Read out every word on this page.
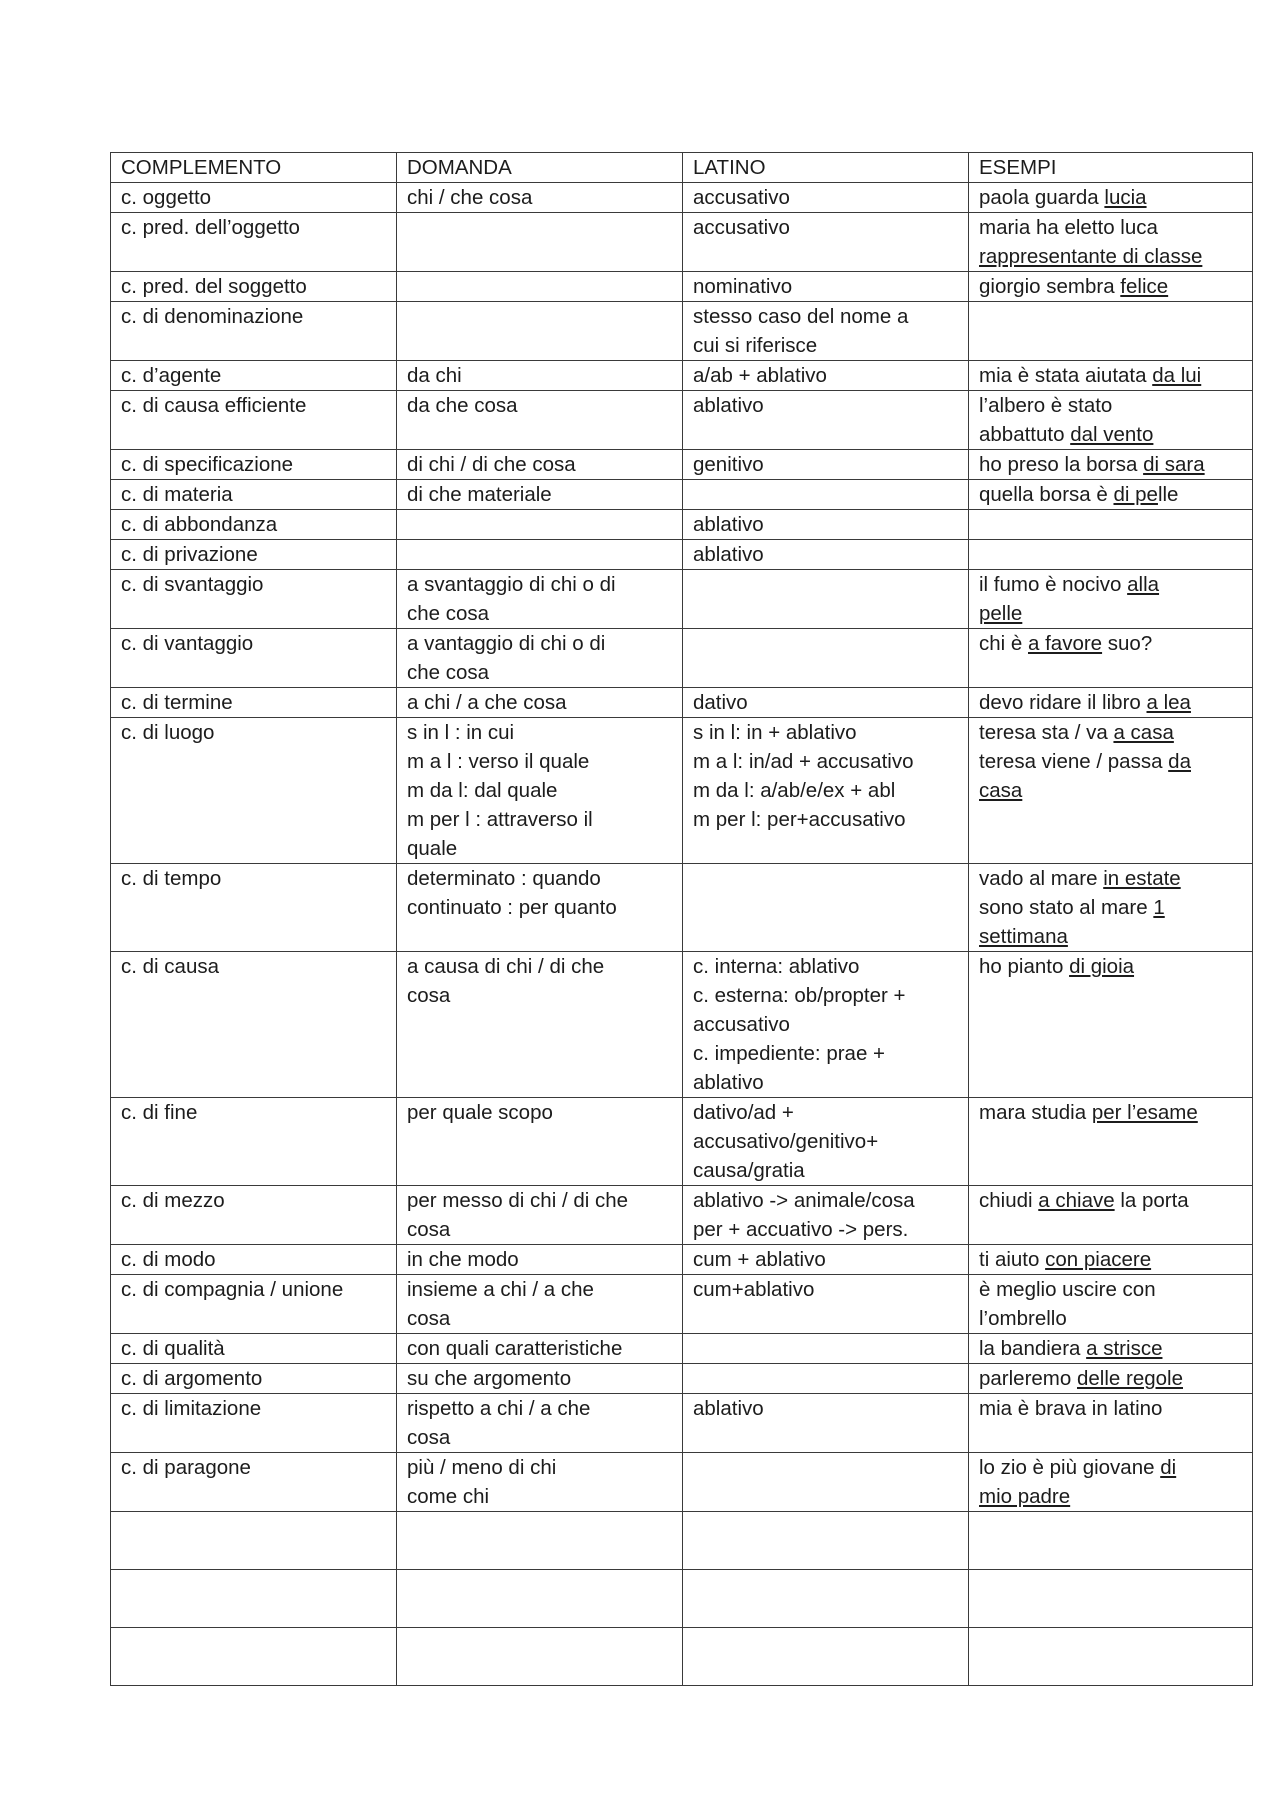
COMPLEMENTO	DOMANDA	LATINO	ESEMPI

c. oggetto	chi / che cosa	accusativo	paola guarda lucia

c. pred. dell’oggetto		accusativo	maria ha eletto luca
rappresentante di classe

c. pred. del soggetto		nominativo	giorgio sembra felice

c. di denominazione		stesso caso del nome a
cui si riferisce	

c. d’agente	da chi	a/ab + ablativo	mia è stata aiutata da lui

c. di causa efficiente	da che cosa	ablativo	l’albero è stato
abbattuto dal vento

c. di specificazione	di chi / di che cosa	genitivo	ho preso la borsa di sara

c. di materia	di che materiale		quella borsa è di pelle

c. di abbondanza		ablativo	

c. di privazione		ablativo	

c. di svantaggio	a svantaggio di chi o di
che cosa		il fumo è nocivo alla
pelle

c. di vantaggio	a vantaggio di chi o di
che cosa		chi è a favore suo?

c. di termine	a chi / a che cosa	dativo	devo ridare il libro a lea

c. di luogo	s in l : in cui
m a l : verso il quale
m da l: dal quale
m per l : attraverso il
quale	s in l: in + ablativo
m a l: in/ad + accusativo
m da l: a/ab/e/ex + abl
m per l: per+accusativo	teresa sta / va a casa
teresa viene / passa da
casa

c. di tempo	determinato : quando
continuato : per quanto		vado al mare in estate
sono stato al mare 1
settimana

c. di causa	a causa di chi / di che
cosa	c. interna: ablativo
c. esterna: ob/propter +
accusativo
c. impediente: prae +
ablativo	ho pianto di gioia

c. di fine	per quale scopo	dativo/ad +
accusativo/genitivo+
causa/gratia	mara studia per l’esame

c. di mezzo	per messo di chi / di che
cosa	ablativo -> animale/cosa
per + accuativo -> pers.	chiudi a chiave la porta

c. di modo	in che modo	cum + ablativo	ti aiuto con piacere

c. di compagnia / unione	insieme a chi / a che
cosa	cum+ablativo	è meglio uscire con
l’ombrello

c. di qualità	con quali caratteristiche		la bandiera a strisce

c. di argomento	su che argomento		parleremo delle regole

c. di limitazione	rispetto a chi / a che
cosa	ablativo	mia è brava in latino

c. di paragone	più / meno di chi
come chi		lo zio è più giovane di
mio padre
